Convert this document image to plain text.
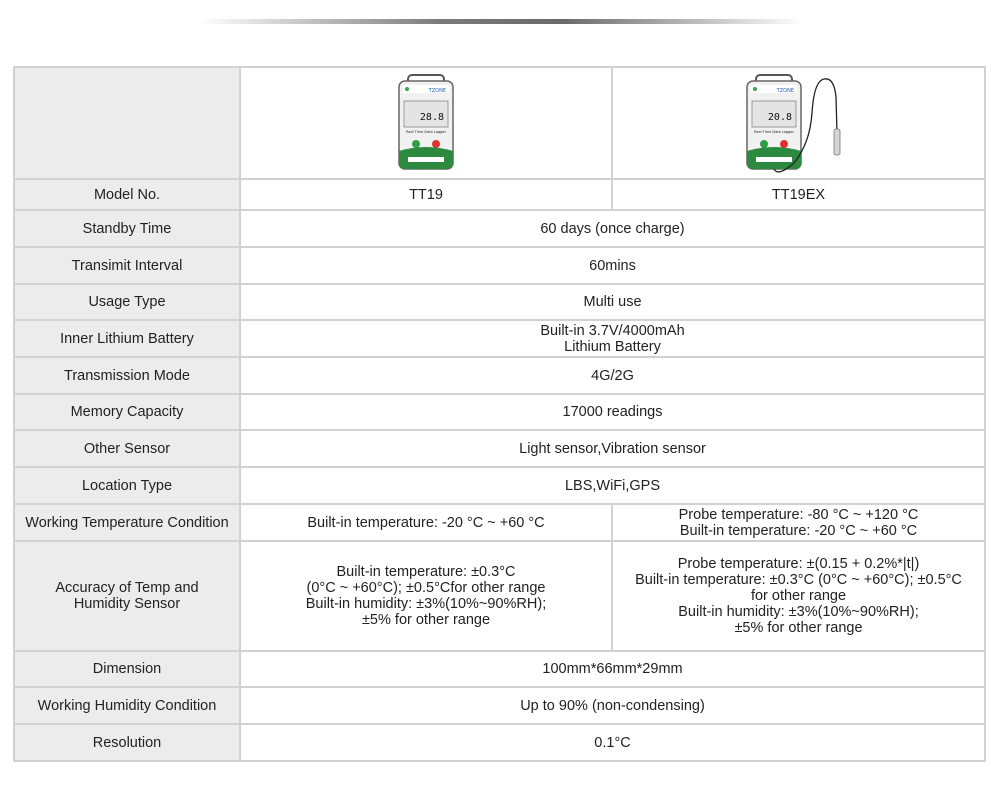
TZONE
28.8
Real Time Data Logger	TZONE
20.8
Real Time Data Logger

Model No.	TT19	TT19EX
Standby Time	60 days (once charge)	
Transimit Interval	60mins	
Usage Type	Multi use	
Inner Lithium Battery	Built-in 3.7V/4000mAh
Lithium Battery	

Transmission Mode	4G/2G	
Memory Capacity	17000 readings	
Other Sensor	Light sensor,Vibration sensor	
Location Type	LBS,WiFi,GPS	
Working Temperature Condition	Built-in temperature: -20 °C ~ +60 °C	Probe temperature: -80 °C ~ +120 °C
Built-in temperature: -20 °C ~ +60 °C

Accuracy of Temp and
Humidity Sensor	Built-in temperature: ±0.3°C
(0°C ~ +60°C); ±0.5°Cfor other range
Built-in humidity: ±3%(10%~90%RH);
±5% for other range	Probe temperature: ±(0.15 + 0.2%*|t|)
Built-in temperature: ±0.3°C (0°C ~ +60°C); ±0.5°C
for other range
Built-in humidity: ±3%(10%~90%RH);
±5% for other range

Dimension	100mm*66mm*29mm	
Working Humidity Condition	Up to 90% (non-condensing)	
Resolution	0.1°C	
